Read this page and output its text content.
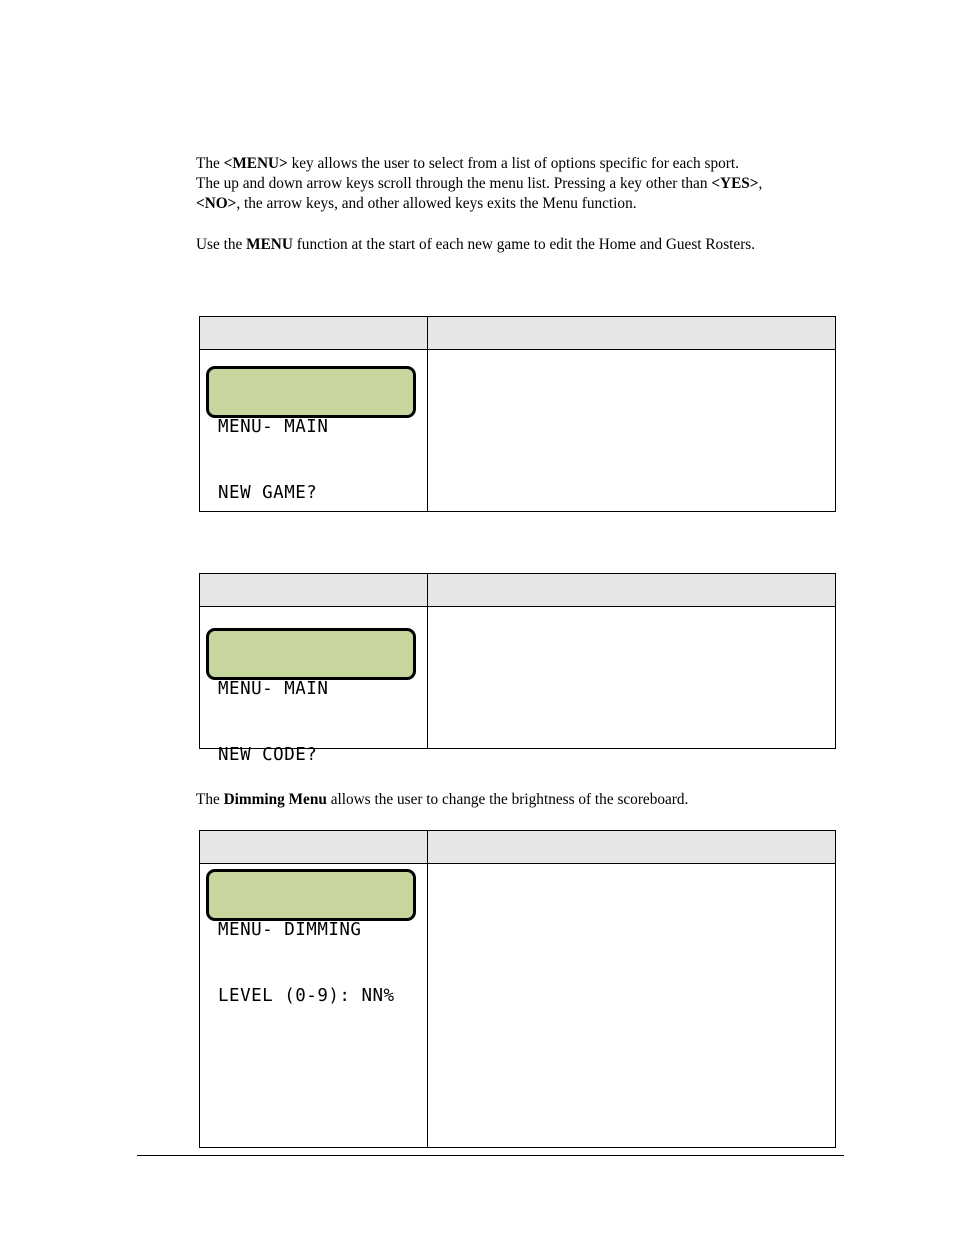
The <MENU> key allows the user to select from a list of options specific for each sport.
The up and down arrow keys scroll through the menu list. Pressing a key other than <YES>,
<NO>, the arrow keys, and other allowed keys exits the Menu function.

Use the MENU function at the start of each new game to edit the Home and Guest Rosters.

MENU- MAIN

NEW GAME?

MENU- MAIN

NEW CODE?

The Dimming Menu allows the user to change the brightness of the scoreboard.

MENU- DIMMING

LEVEL (0-9): NN%
